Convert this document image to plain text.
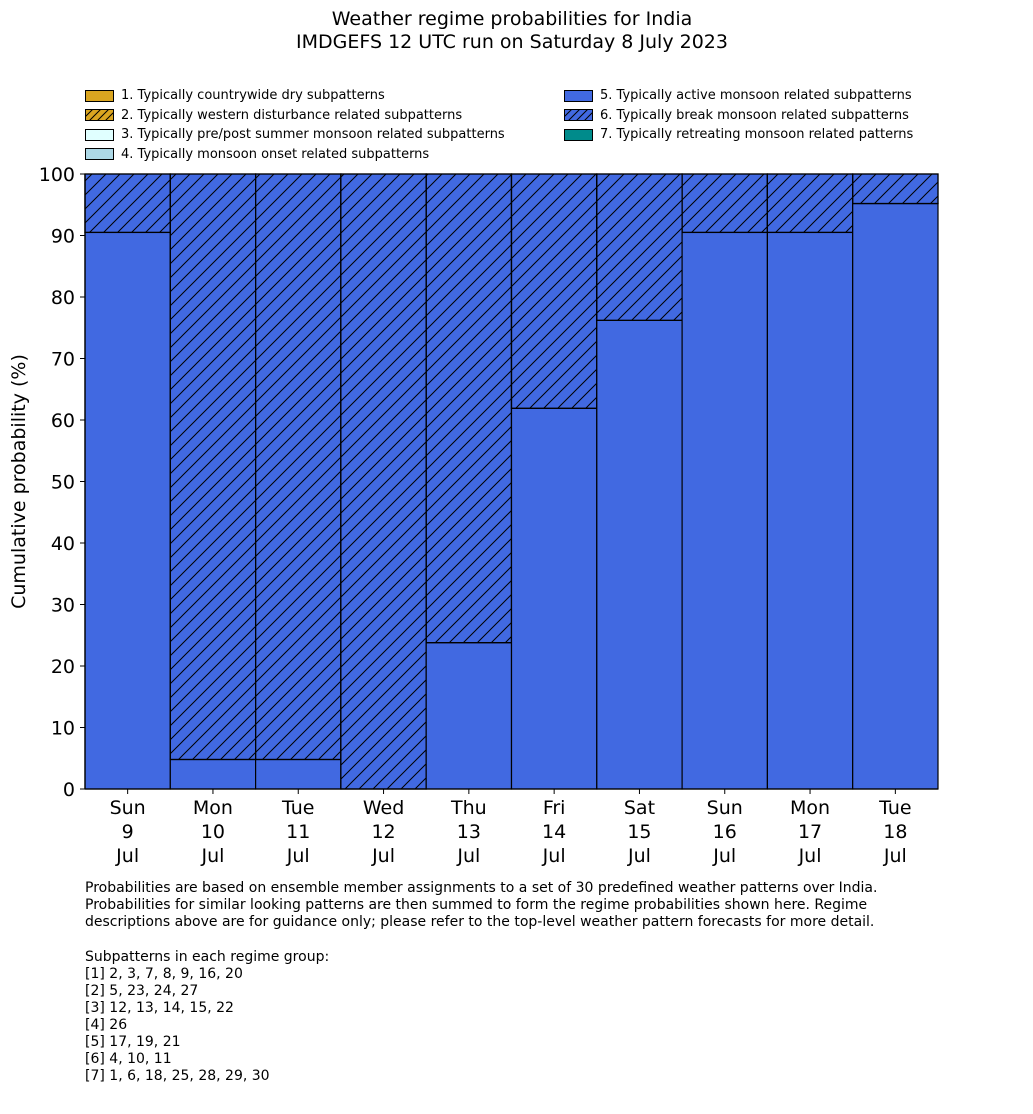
Weather regime probabilities for India
IMDGEFS 12 UTC run on Saturday 8 July 2023
1. Typically countrywide dry subpatterns
2. Typically western disturbance related subpatterns
3. Typically pre/post summer monsoon related subpatterns
4. Typically monsoon onset related subpatterns
5. Typically active monsoon related subpatterns
6. Typically break monsoon related subpatterns
7. Typically retreating monsoon related patterns
Sun
9
Jul
Mon
10
Jul
Tue
11
Jul
Wed
12
Jul
Thu
13
Jul
Fri
14
Jul
Sat
15
Jul
Sun
16
Jul
Mon
17
Jul
Tue
18
Jul
0
10
20
30
40
50
60
70
80
90
100
Cumulative probability (%)

Probabilities are based on ensemble member assignments to a set of 30 predefined weather patterns over India.

Probabilities for similar looking patterns are then summed to form the regime probabilities shown here. Regime

descriptions above are for guidance only; please refer to the top-level weather pattern forecasts for more detail.

Subpatterns in each regime group:
[1] 2, 3, 7, 8, 9, 16, 20
[2] 5, 23, 24, 27
[3] 12, 13, 14, 15, 22
[4] 26
[5] 17, 19, 21
[6] 4, 10, 11
[7] 1, 6, 18, 25, 28, 29, 30
